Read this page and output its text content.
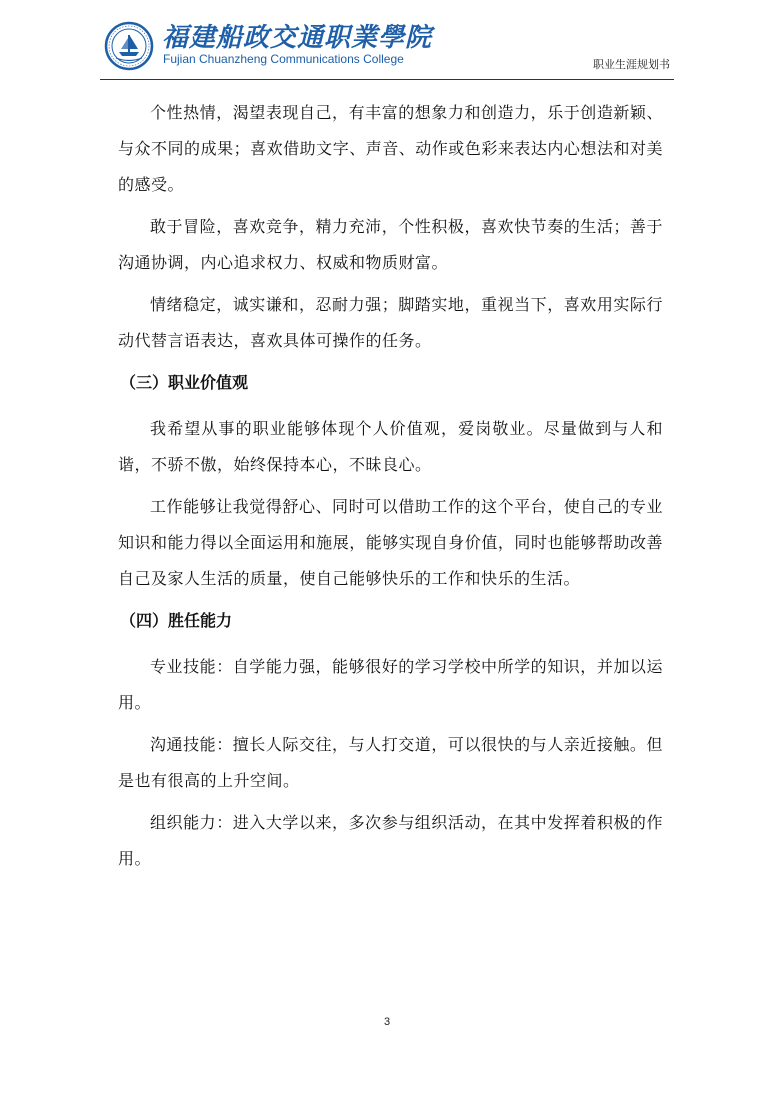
福建船政交通职業學院
Fujian Chuanzheng Communications College	职业生涯规划书

个性热情，渴望表现自己，有丰富的想象力和创造力，乐于创造新颖、与众不同的成果；喜欢借助文字、声音、动作或色彩来表达内心想法和对美的感受。

敢于冒险，喜欢竞争，精力充沛，个性积极，喜欢快节奏的生活；善于沟通协调，内心追求权力、权威和物质财富。

情绪稳定，诚实谦和，忍耐力强；脚踏实地，重视当下，喜欢用实际行动代替言语表达，喜欢具体可操作的任务。

（三）职业价值观

我希望从事的职业能够体现个人价值观，爱岗敬业。尽量做到与人和谐，不骄不傲，始终保持本心，不昧良心。

工作能够让我觉得舒心、同时可以借助工作的这个平台，使自己的专业知识和能力得以全面运用和施展，能够实现自身价值，同时也能够帮助改善自己及家人生活的质量，使自己能够快乐的工作和快乐的生活。

（四）胜任能力

专业技能：自学能力强，能够很好的学习学校中所学的知识，并加以运用。

沟通技能：擅长人际交往，与人打交道，可以很快的与人亲近接触。但是也有很高的上升空间。

组织能力：进入大学以来，多次参与组织活动，在其中发挥着积极的作用。

3
